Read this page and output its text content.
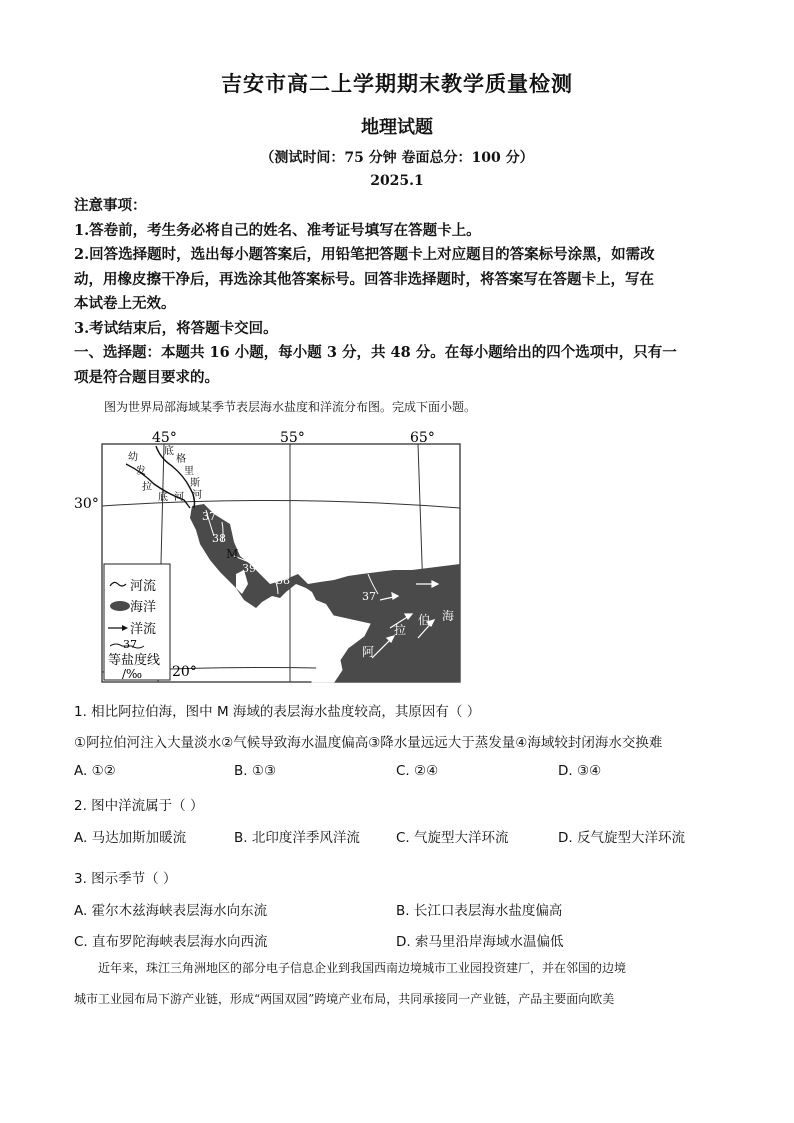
吉安市高二上学期期末教学质量检测
地理试题
（测试时间：75 分钟 卷面总分：100 分）
2025.1

注意事项：

1.答卷前，考生务必将自己的姓名、准考证号填写在答题卡上。

2.回答选择题时，选出每小题答案后，用铅笔把答题卡上对应题目的答案标号涂黑，如需改

动，用橡皮擦干净后，再选涂其他答案标号。回答非选择题时，将答案写在答题卡上，写在

本试卷上无效。

3.考试结束后，将答题卡交回。

一、选择题：本题共 16 小题，每小题 3 分，共 48 分。在每小题给出的四个选项中，只有一

项是符合题目要求的。

图为世界局部海域某季节表层海水盐度和洋流分布图。完成下面小题。
45°	55°	65°
30°
20°
幼
发
拉
底 河
底
格
里
斯
河
37
38
39
38
37
M
阿
拉
伯 海
河流
海洋
洋流
37
等盐度线
/‰
1. 相比阿拉伯海，图中 M 海域的表层海水盐度较高，其原因有（ ）
①阿拉伯河注入大量淡水②气候导致海水温度偏高③降水量远远大于蒸发量④海域较封闭海水交换难
A. ①②	B. ①③	C. ②④	D. ③④
2. 图中洋流属于（ ）
A. 马达加斯加暖流	B. 北印度洋季风洋流	C. 气旋型大洋环流	D. 反气旋型大洋环流
3. 图示季节（ ）
A. 霍尔木兹海峡表层海水向东流	B. 长江口表层海水盐度偏高
C. 直布罗陀海峡表层海水向西流	D. 索马里沿岸海域水温偏低

近年来，珠江三角洲地区的部分电子信息企业到我国西南边境城市工业园投资建厂，并在邻国的边境

城市工业园布局下游产业链，形成“两国双园”跨境产业布局，共同承接同一产业链，产品主要面向欧美
